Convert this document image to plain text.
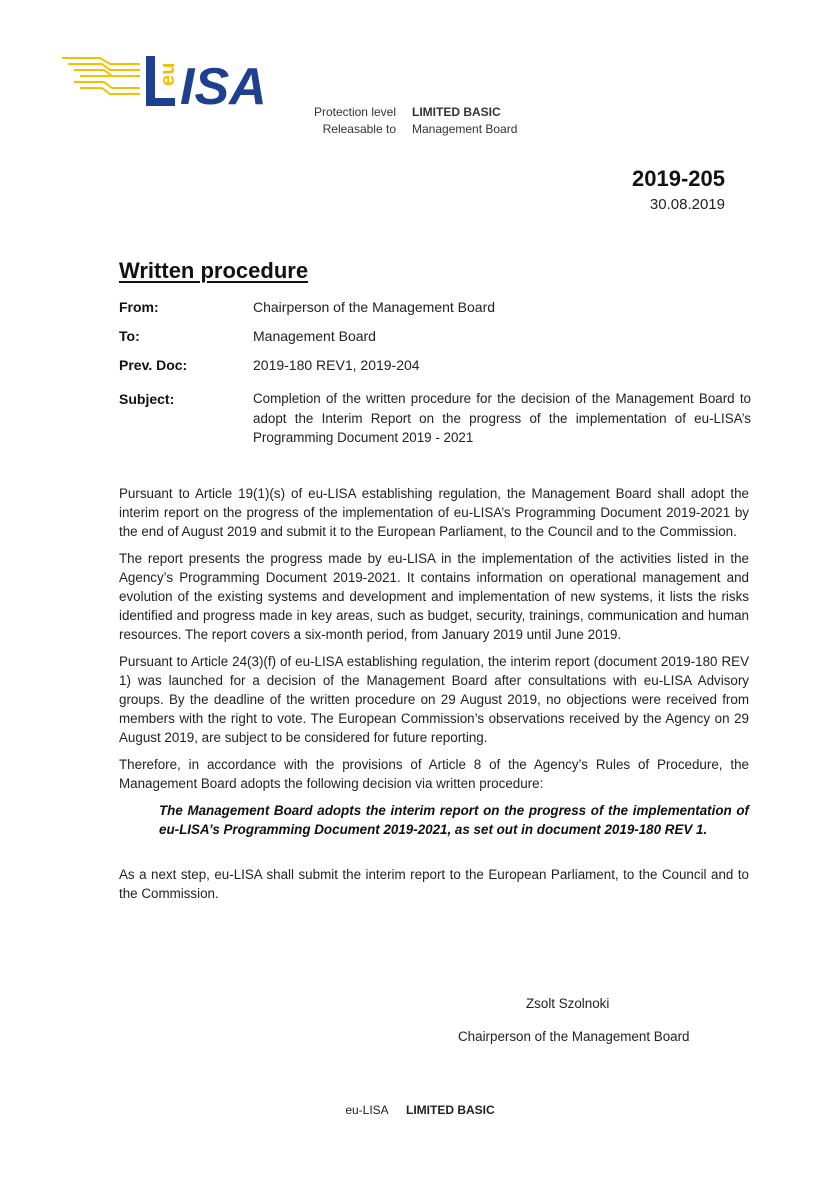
eu ISA	Protection level	LIMITED BASIC
Releasable to	Management Board
2019-205
30.08.2019
Written procedure
From:	Chairperson of the Management Board
To:	Management Board
Prev. Doc:	2019-180 REV1, 2019-204
Subject:	Completion of the written procedure for the decision of the Management Board to adopt the Interim Report on the progress of the implementation of eu-LISA’s Programming Document 2019 - 2021

Pursuant to Article 19(1)(s) of eu-LISA establishing regulation, the Management Board shall adopt the interim report on the progress of the implementation of eu-LISA’s Programming Document 2019-2021 by the end of August 2019 and submit it to the European Parliament, to the Council and to the Commission.

The report presents the progress made by eu-LISA in the implementation of the activities listed in the Agency’s Programming Document 2019-2021. It contains information on operational management and evolution of the existing systems and development and implementation of new systems, it lists the risks identified and progress made in key areas, such as budget, security, trainings, communication and human resources. The report covers a six-month period, from January 2019 until June 2019.

Pursuant to Article 24(3)(f) of eu-LISA establishing regulation, the interim report (document 2019-180 REV 1) was launched for a decision of the Management Board after consultations with eu-LISA Advisory groups. By the deadline of the written procedure on 29 August 2019, no objections were received from members with the right to vote. The European Commission’s observations received by the Agency on 29 August 2019, are subject to be considered for future reporting.

Therefore, in accordance with the provisions of Article 8 of the Agency’s Rules of Procedure, the Management Board adopts the following decision via written procedure:

The Management Board adopts the interim report on the progress of the implementation of eu-LISA’s Programming Document 2019-2021, as set out in document 2019-180 REV 1.

As a next step, eu-LISA shall submit the interim report to the European Parliament, to the Council and to the Commission.

Zsolt Szolnoki
Chairperson of the Management Board
eu-LISA LIMITED BASIC
